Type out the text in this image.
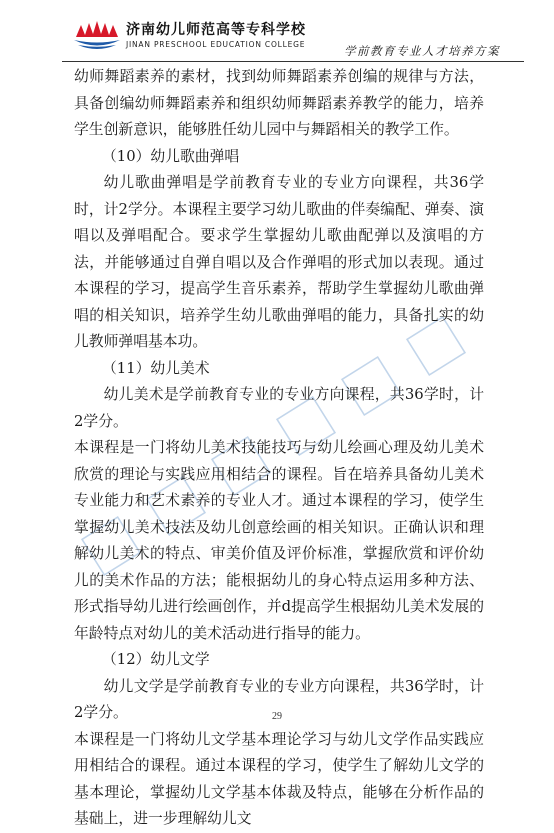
济南幼儿师范高等专科学校
JINAN PRESCHOOL EDUCATION COLLEGE	学前教育专业人才培养方案

幼师舞蹈素养的素材，找到幼师舞蹈素养创编的规律与方法，具备创编幼师舞蹈素养和组织幼师舞蹈素养教学的能力，培养学生创新意识，能够胜任幼儿园中与舞蹈相关的教学工作。

（10）幼儿歌曲弹唱

幼儿歌曲弹唱是学前教育专业的专业方向课程，共36学时，计2学分。本课程主要学习幼儿歌曲的伴奏编配、弹奏、演唱以及弹唱配合。要求学生掌握幼儿歌曲配弹以及演唱的方法，并能够通过自弹自唱以及合作弹唱的形式加以表现。通过本课程的学习，提高学生音乐素养，帮助学生掌握幼儿歌曲弹唱的相关知识，培养学生幼儿歌曲弹唱的能力，具备扎实的幼儿教师弹唱基本功。

（11）幼儿美术

幼儿美术是学前教育专业的专业方向课程，共36学时，计2学分。

本课程是一门将幼儿美术技能技巧与幼儿绘画心理及幼儿美术欣赏的理论与实践应用相结合的课程。旨在培养具备幼儿美术专业能力和艺术素养的专业人才。通过本课程的学习，使学生掌握幼儿美术技法及幼儿创意绘画的相关知识。正确认识和理解幼儿美术的特点、审美价值及评价标准，掌握欣赏和评价幼儿的美术作品的方法；能根据幼儿的身心特点运用多种方法、形式指导幼儿进行绘画创作，并d提高学生根据幼儿美术发展的年龄特点对幼儿的美术活动进行指导的能力。

（12）幼儿文学

幼儿文学是学前教育专业的专业方向课程，共36学时，计2学分。

本课程是一门将幼儿文学基本理论学习与幼儿文学作品实践应用相结合的课程。通过本课程的学习，使学生了解幼儿文学的基本理论，掌握幼儿文学基本体裁及特点，能够在分析作品的基础上，进一步理解幼儿文

29
